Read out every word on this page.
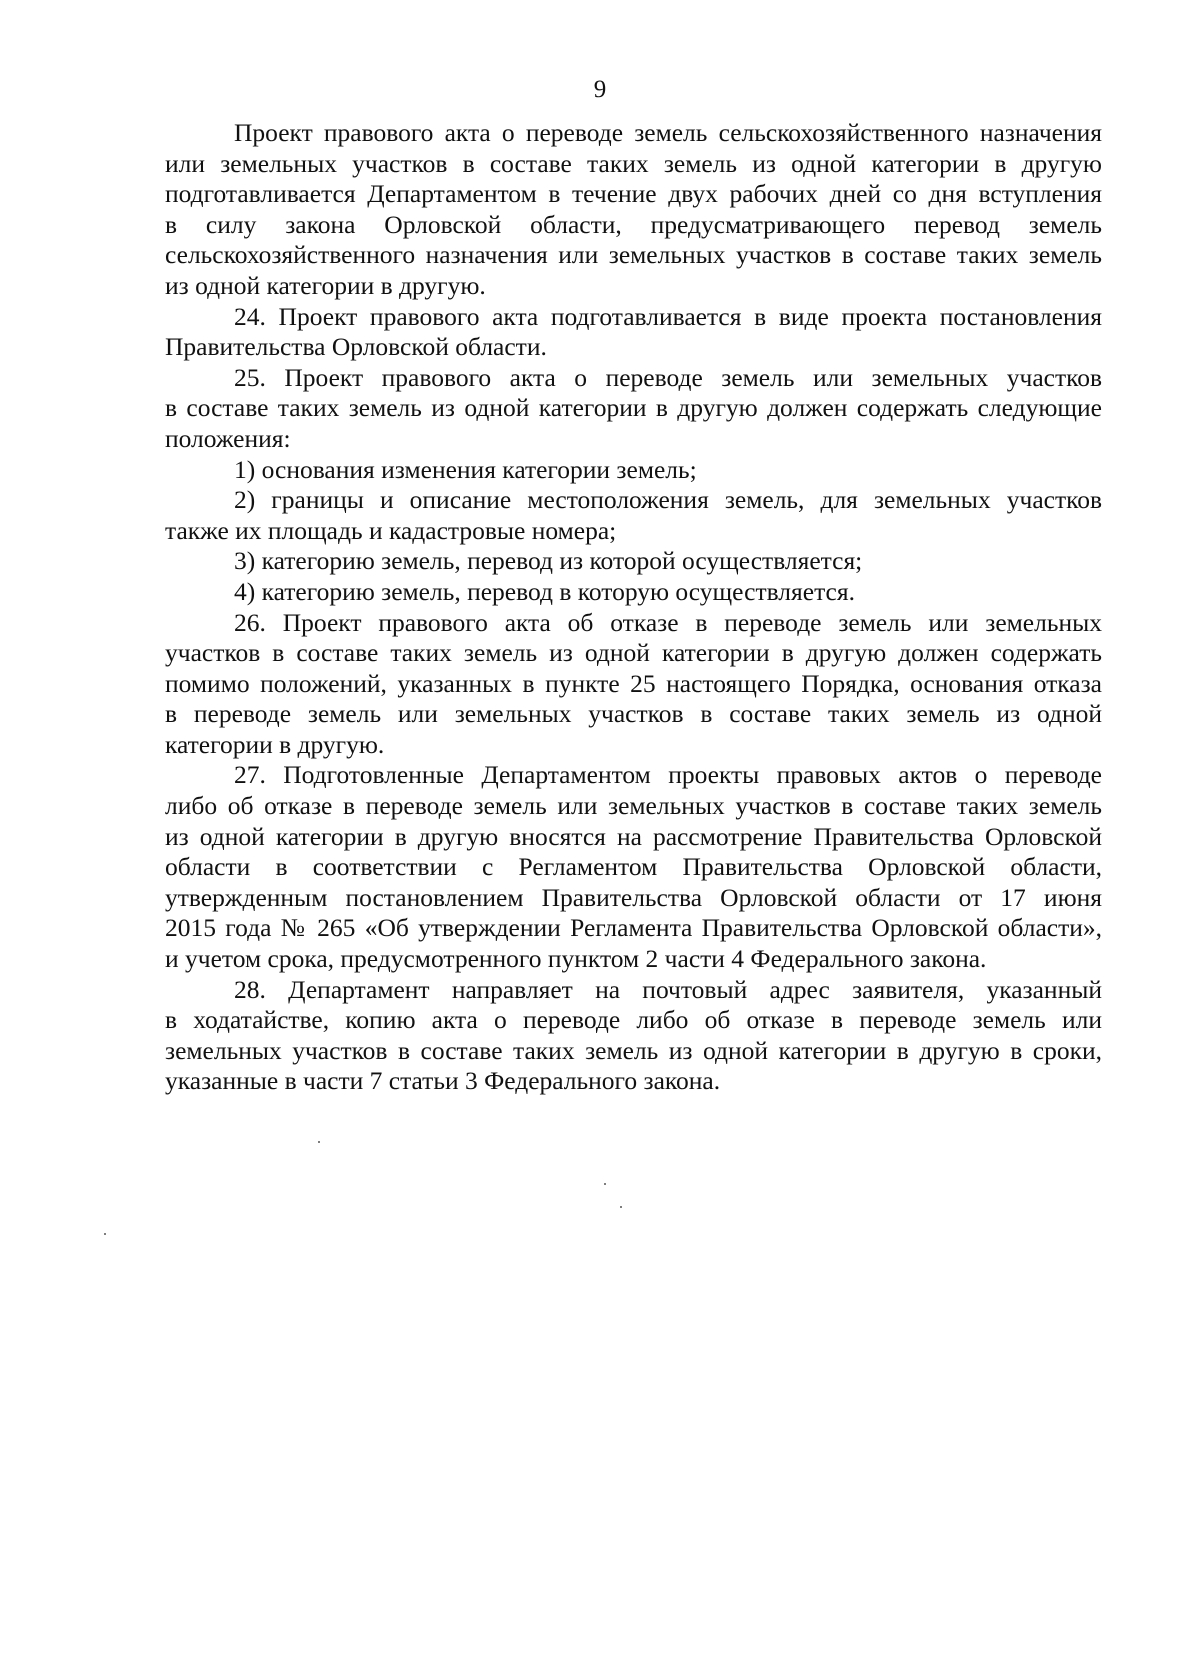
9
Проект правового акта о переводе земель сельскохозяйственного назначения
или земельных участков в составе таких земель из одной категории в другую
подготавливается Департаментом в течение двух рабочих дней со дня вступления
в силу закона Орловской области, предусматривающего перевод земель
сельскохозяйственного назначения или земельных участков в составе таких земель
из одной категории в другую.
24. Проект правового акта подготавливается в виде проекта постановления
Правительства Орловской области.
25. Проект правового акта о переводе земель или земельных участков
в составе таких земель из одной категории в другую должен содержать следующие
положения:
1) основания изменения категории земель;
2) границы и описание местоположения земель, для земельных участков
также их площадь и кадастровые номера;
3) категорию земель, перевод из которой осуществляется;
4) категорию земель, перевод в которую осуществляется.
26. Проект правового акта об отказе в переводе земель или земельных
участков в составе таких земель из одной категории в другую должен содержать
помимо положений, указанных в пункте 25 настоящего Порядка, основания отказа
в переводе земель или земельных участков в составе таких земель из одной
категории в другую.
27. Подготовленные Департаментом проекты правовых актов о переводе
либо об отказе в переводе земель или земельных участков в составе таких земель
из одной категории в другую вносятся на рассмотрение Правительства Орловской
области в соответствии с Регламентом Правительства Орловской области,
утвержденным постановлением Правительства Орловской области от 17 июня
2015 года № 265 «Об утверждении Регламента Правительства Орловской области»,
и учетом срока, предусмотренного пунктом 2 части 4 Федерального закона.
28. Департамент направляет на почтовый адрес заявителя, указанный
в ходатайстве, копию акта о переводе либо об отказе в переводе земель или
земельных участков в составе таких земель из одной категории в другую в сроки,
указанные в части 7 статьи 3 Федерального закона.
